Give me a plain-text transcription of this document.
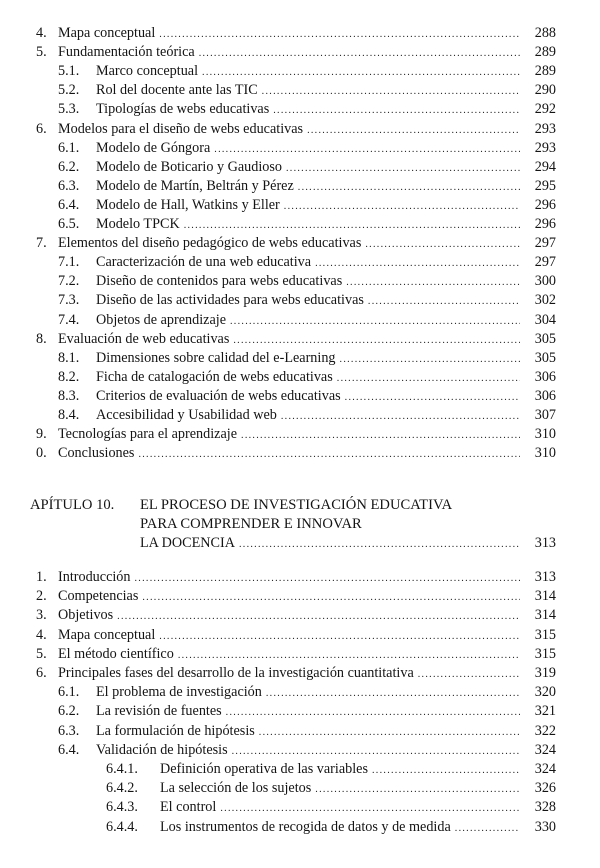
4. Mapa conceptual .....	288
5. Fundamentación teórica .....	289
5.1.	Marco conceptual .....	289
5.2.	Rol del docente ante las TIC .....	290
5.3.	Tipologías de webs educativas .....	292
6. Modelos para el diseño de webs educativas .....	293
6.1.	Modelo de Góngora .....	293
6.2.	Modelo de Boticario y Gaudioso .....	294
6.3.	Modelo de Martín, Beltrán y Pérez .....	295
6.4.	Modelo de Hall, Watkins y Eller .....	296
6.5.	Modelo TPCK .....	296
7. Elementos del diseño pedagógico de webs educativas .....	297
7.1.	Caracterización de una web educativa .....	297
7.2.	Diseño de contenidos para webs educativas .....	300
7.3.	Diseño de las actividades para webs educativas .....	302
7.4.	Objetos de aprendizaje .....	304
8. Evaluación de web educativas .....	305
8.1.	Dimensiones sobre calidad del e-Learning .....	305
8.2.	Ficha de catalogación de webs educativas .....	306
8.3.	Criterios de evaluación de webs educativas .....	306
8.4.	Accesibilidad y Usabilidad web .....	307
9. Tecnologías para el aprendizaje .....	310
0. Conclusiones .....	310
APÍTULO 10. EL PROCESO DE INVESTIGACIÓN EDUCATIVA
PARA COMPRENDER E INNOVAR
LA DOCENCIA .....	313
1. Introducción .....	313
2. Competencias .....	314
3. Objetivos .....	314
4. Mapa conceptual .....	315
5. El método científico .....	315
6. Principales fases del desarrollo de la investigación cuantitativa .....	319
6.1.	El problema de investigación .....	320
6.2.	La revisión de fuentes .....	321
6.3.	La formulación de hipótesis .....	322
6.4.	Validación de hipótesis .....	324
6.4.1.	Definición operativa de las variables .....	324
6.4.2.	La selección de los sujetos .....	326
6.4.3.	El control .....	328
6.4.4.	Los instrumentos de recogida de datos y de medida .....	330
